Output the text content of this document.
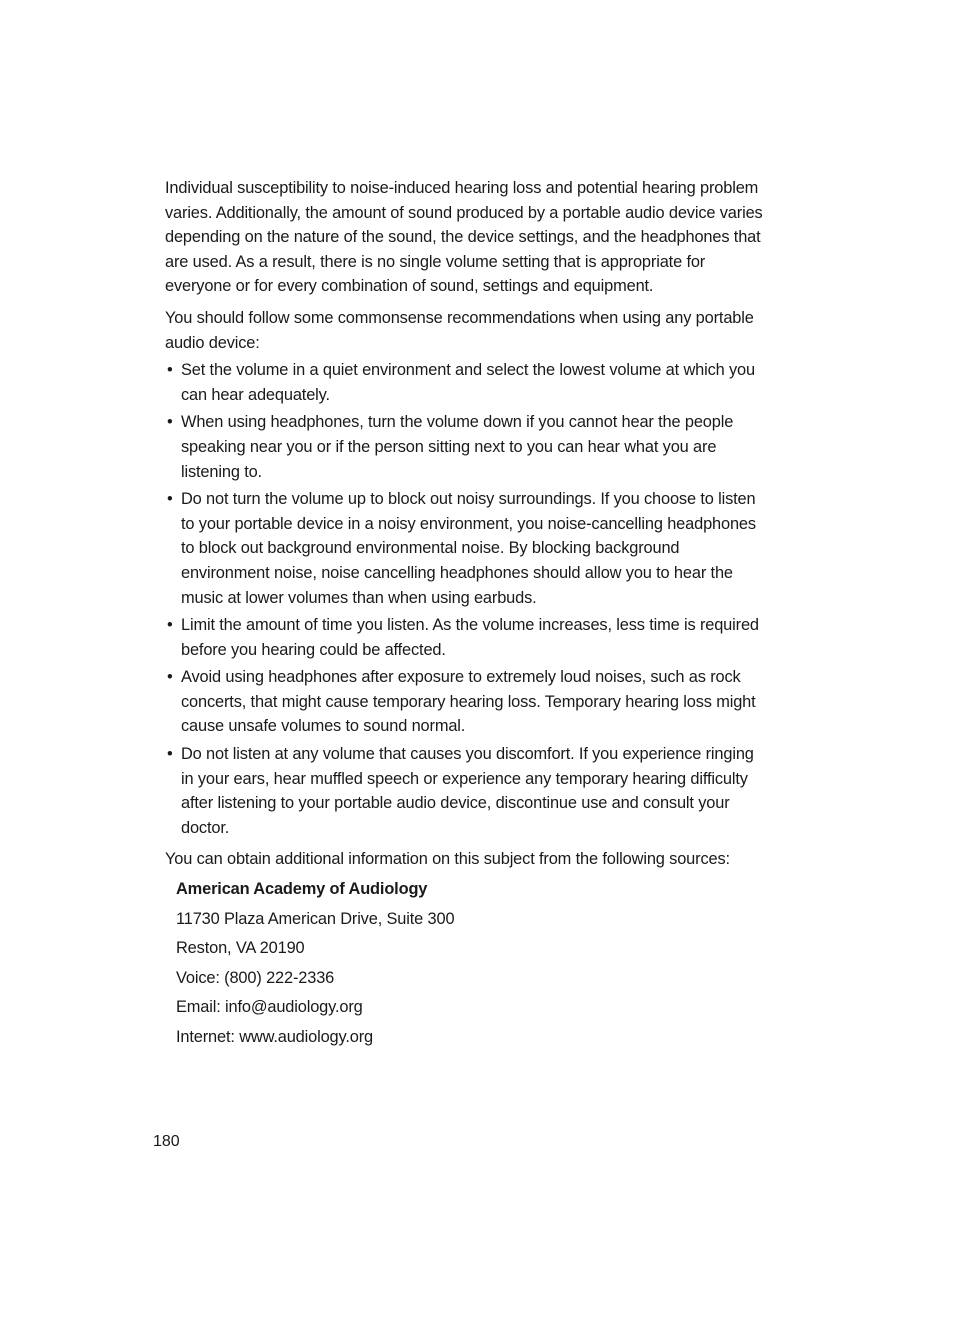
Individual susceptibility to noise-induced hearing loss and potential hearing problem varies. Additionally, the amount of sound produced by a portable audio device varies depending on the nature of the sound, the device settings, and the headphones that are used. As a result, there is no single volume setting that is appropriate for everyone or for every combination of sound, settings and equipment.

You should follow some commonsense recommendations when using any portable audio device:

• Set the volume in a quiet environment and select the lowest volume at which you can hear adequately.
• When using headphones, turn the volume down if you cannot hear the people speaking near you or if the person sitting next to you can hear what you are listening to.
• Do not turn the volume up to block out noisy surroundings. If you choose to listen to your portable device in a noisy environment, you noise-cancelling headphones to block out background environmental noise. By blocking background environment noise, noise cancelling headphones should allow you to hear the music at lower volumes than when using earbuds.
• Limit the amount of time you listen. As the volume increases, less time is required before you hearing could be affected.
• Avoid using headphones after exposure to extremely loud noises, such as rock concerts, that might cause temporary hearing loss. Temporary hearing loss might cause unsafe volumes to sound normal.
• Do not listen at any volume that causes you discomfort. If you experience ringing in your ears, hear muffled speech or experience any temporary hearing difficulty after listening to your portable audio device, discontinue use and consult your doctor.

You can obtain additional information on this subject from the following sources:

American Academy of Audiology
11730 Plaza American Drive, Suite 300
Reston, VA 20190
Voice: (800) 222-2336
Email: info@audiology.org
Internet: www.audiology.org
180
